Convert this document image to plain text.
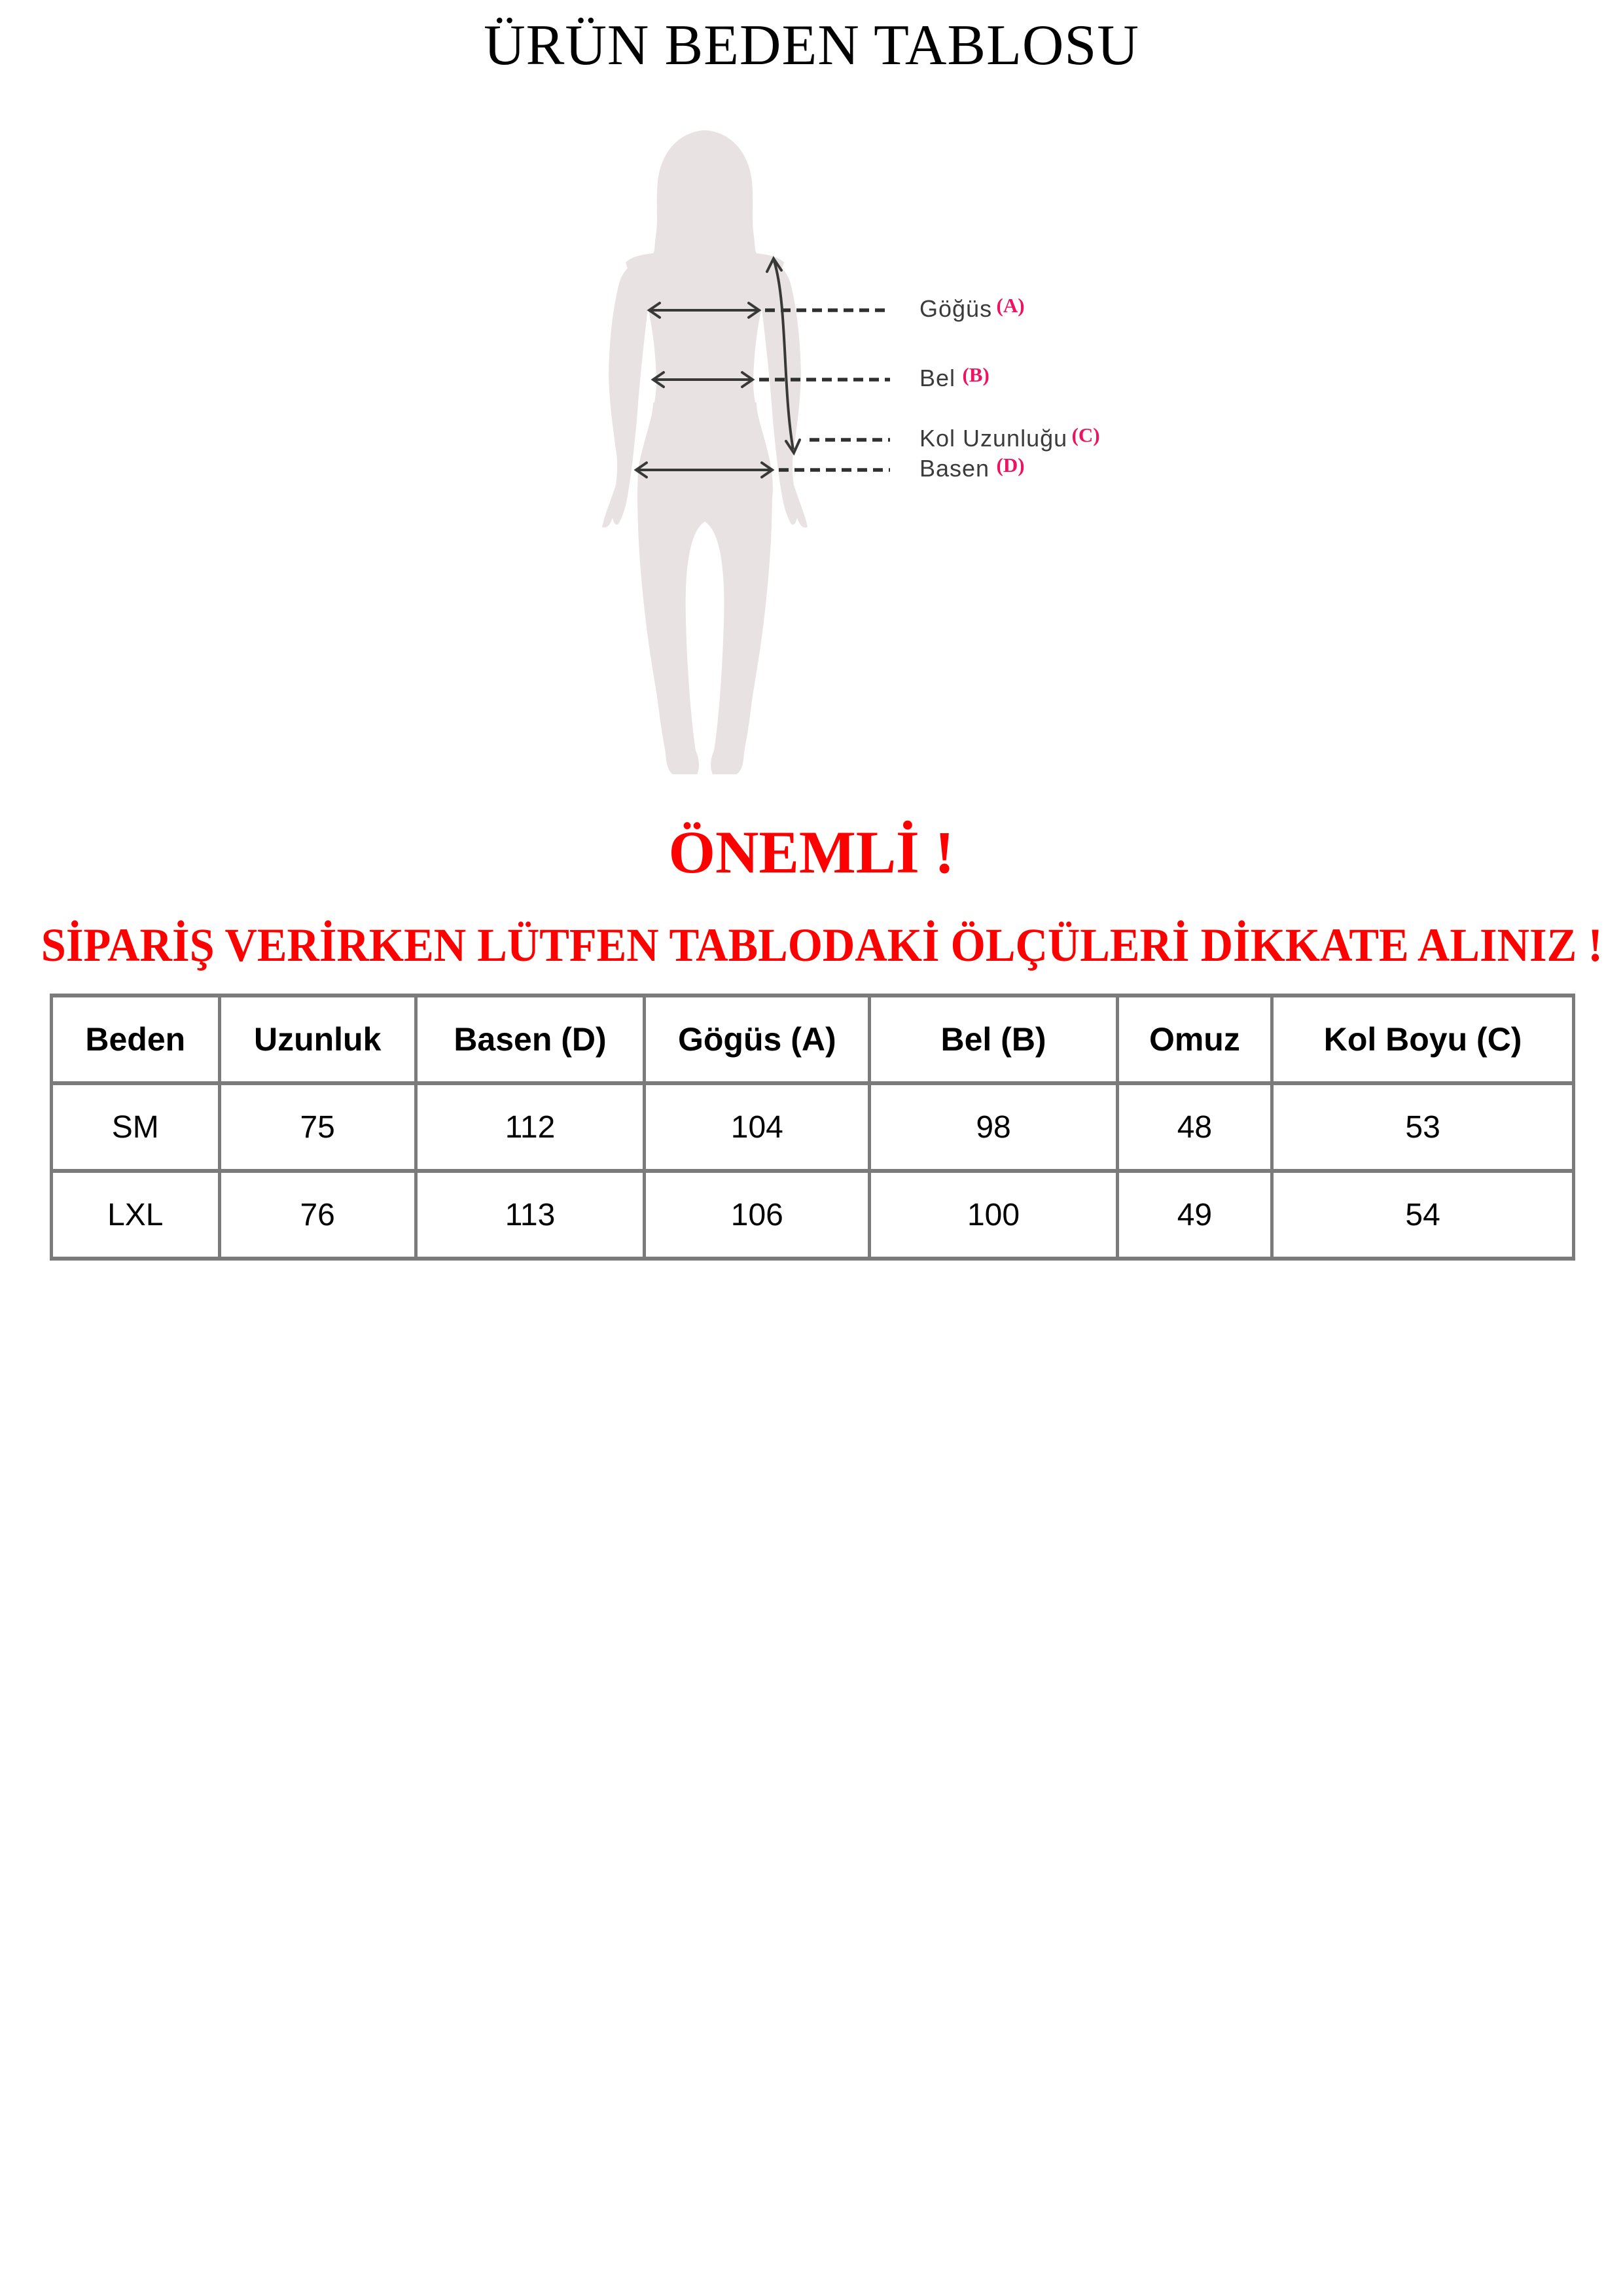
ÜRÜN BEDEN TABLOSU
Göğüs (A)
Bel (B)
Kol Uzunluğu (C)
Basen (D)
ÖNEMLİ !
SİPARİŞ VERİRKEN LÜTFEN TABLODAKİ ÖLÇÜLERİ DİKKATE ALINIZ !
Beden	Uzunluk	Basen (D)	Gögüs (A)	Bel (B)	Omuz	Kol Boyu (C)
SM	75	112	104	98	48	53
LXL	76	113	106	100	49	54
